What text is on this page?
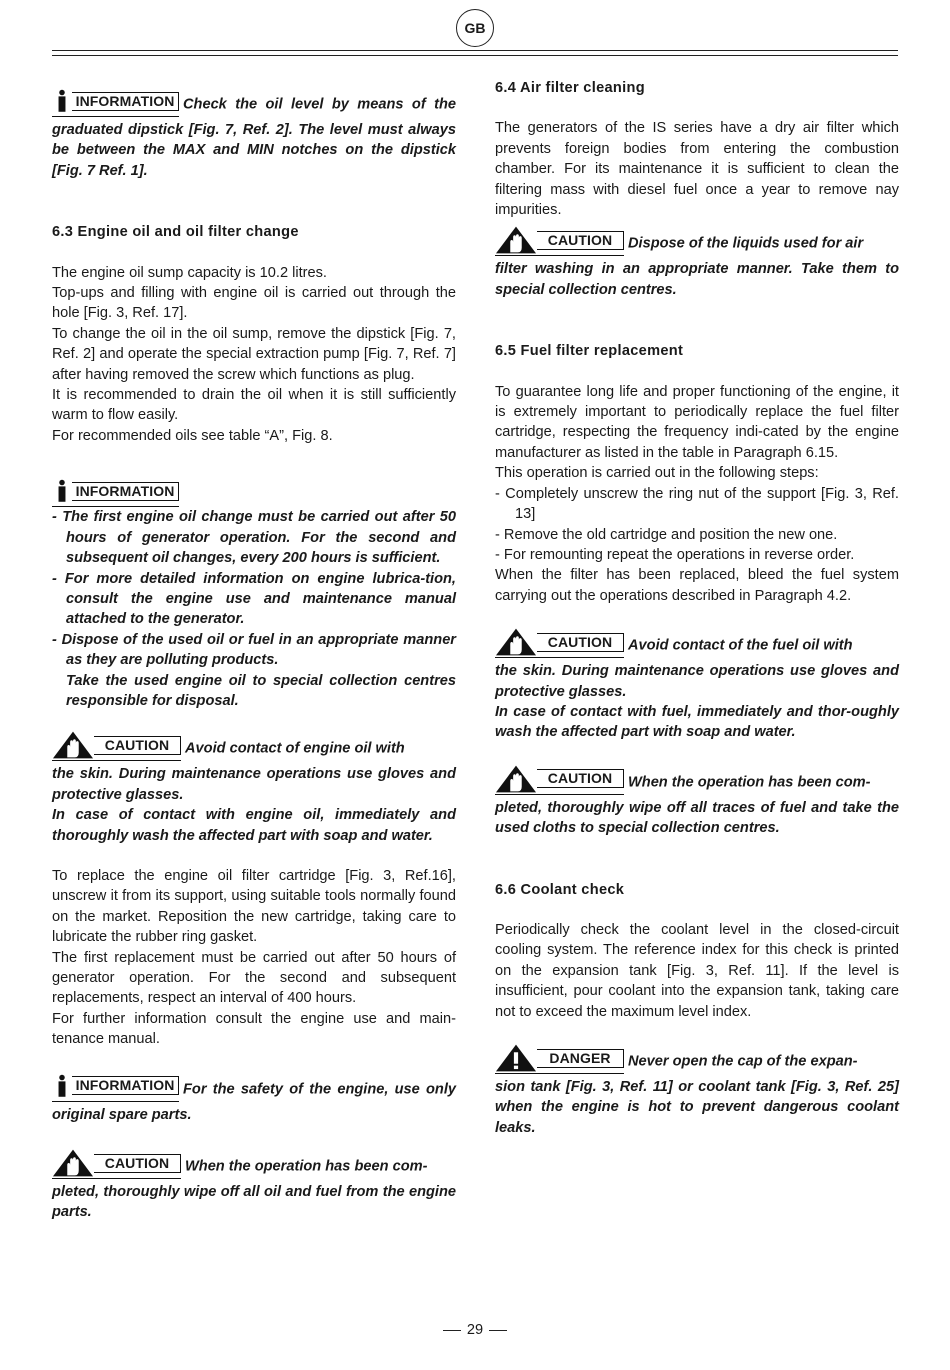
GB

INFORMATION Check the oil level by means of the graduated dipstick [Fig. 7, Ref. 2]. The level must always be between the MAX and MIN notches on the dipstick [Fig. 7 Ref. 1].

6.3 Engine oil and oil filter change

The engine oil sump capacity is 10.2 litres.

Top-ups and filling with engine oil is carried out through the hole [Fig. 3, Ref. 17].

To change the oil in the oil sump, remove the dipstick [Fig. 7, Ref. 2] and operate the special extraction pump [Fig. 7, Ref. 7] after having removed the screw which functions as plug.

It is recommended to drain the oil when it is still sufficiently warm to flow easily.

For recommended oils see table “A”, Fig. 8.

INFORMATION

- The first engine oil change must be carried out after 50 hours of generator operation. For the second and subsequent oil changes, every 200 hours is sufficient.

- For more detailed information on engine lubrica-tion, consult the engine use and maintenance manual attached to the generator.

- Dispose of the used oil or fuel in an appropriate manner as they are polluting products.

Take the used engine oil to special collection centres responsible for disposal.

CAUTION	Avoid contact of engine oil with

the skin. During maintenance operations use gloves and protective glasses.

In case of contact with engine oil, immediately and thoroughly wash the affected part with soap and water.

To replace the engine oil filter cartridge [Fig. 3, Ref.16], unscrew it from its support, using suitable tools normally found on the market. Reposition the new cartridge, taking care to lubricate the rubber ring gasket.

The first replacement must be carried out after 50 hours of generator operation. For the second and subsequent replacements, respect an interval of 400 hours.

For further information consult the engine use and main-tenance manual.

INFORMATION For the safety of the engine, use only original spare parts.

CAUTION	When the operation has been com-

pleted, thoroughly wipe off all oil and fuel from the engine parts.

6.4 Air filter cleaning

The generators of the IS series have a dry air filter which prevents foreign bodies from entering the combustion chamber. For its maintenance it is sufficient to clean the filtering mass with diesel fuel once a year to remove nay impurities.

CAUTION	Dispose of the liquids used for air

filter washing in an appropriate manner. Take them to special collection centres.

6.5 Fuel filter replacement

To guarantee long life and proper functioning of the engine, it is extremely important to periodically replace the fuel filter cartridge, respecting the frequency indi-cated by the engine manufacturer as listed in the table in Paragraph 6.15.

This operation is carried out in the following steps:

- Completely unscrew the ring nut of the support [Fig. 3, Ref. 13]

- Remove the old cartridge and position the new one.

- For remounting repeat the operations in reverse order.

When the filter has been replaced, bleed the fuel system carrying out the operations described in Paragraph 4.2.

CAUTION	Avoid contact of the fuel oil with

the skin. During maintenance operations use gloves and protective glasses.

In case of contact with fuel, immediately and thor-oughly wash the affected part with soap and water.

CAUTION	When the operation has been com-

pleted, thoroughly wipe off all traces of fuel and take the used cloths to special collection centres.

6.6 Coolant check

Periodically check the coolant level in the closed-circuit cooling system. The reference index for this check is printed on the expansion tank [Fig. 3, Ref. 11]. If the level is insufficient, pour coolant into the expansion tank, taking care not to exceed the maximum level index.

DANGER	Never open the cap of the expan-

sion tank [Fig. 3, Ref. 11] or coolant tank [Fig. 3, Ref. 25] when the engine is hot to prevent dangerous coolant leaks.

29
